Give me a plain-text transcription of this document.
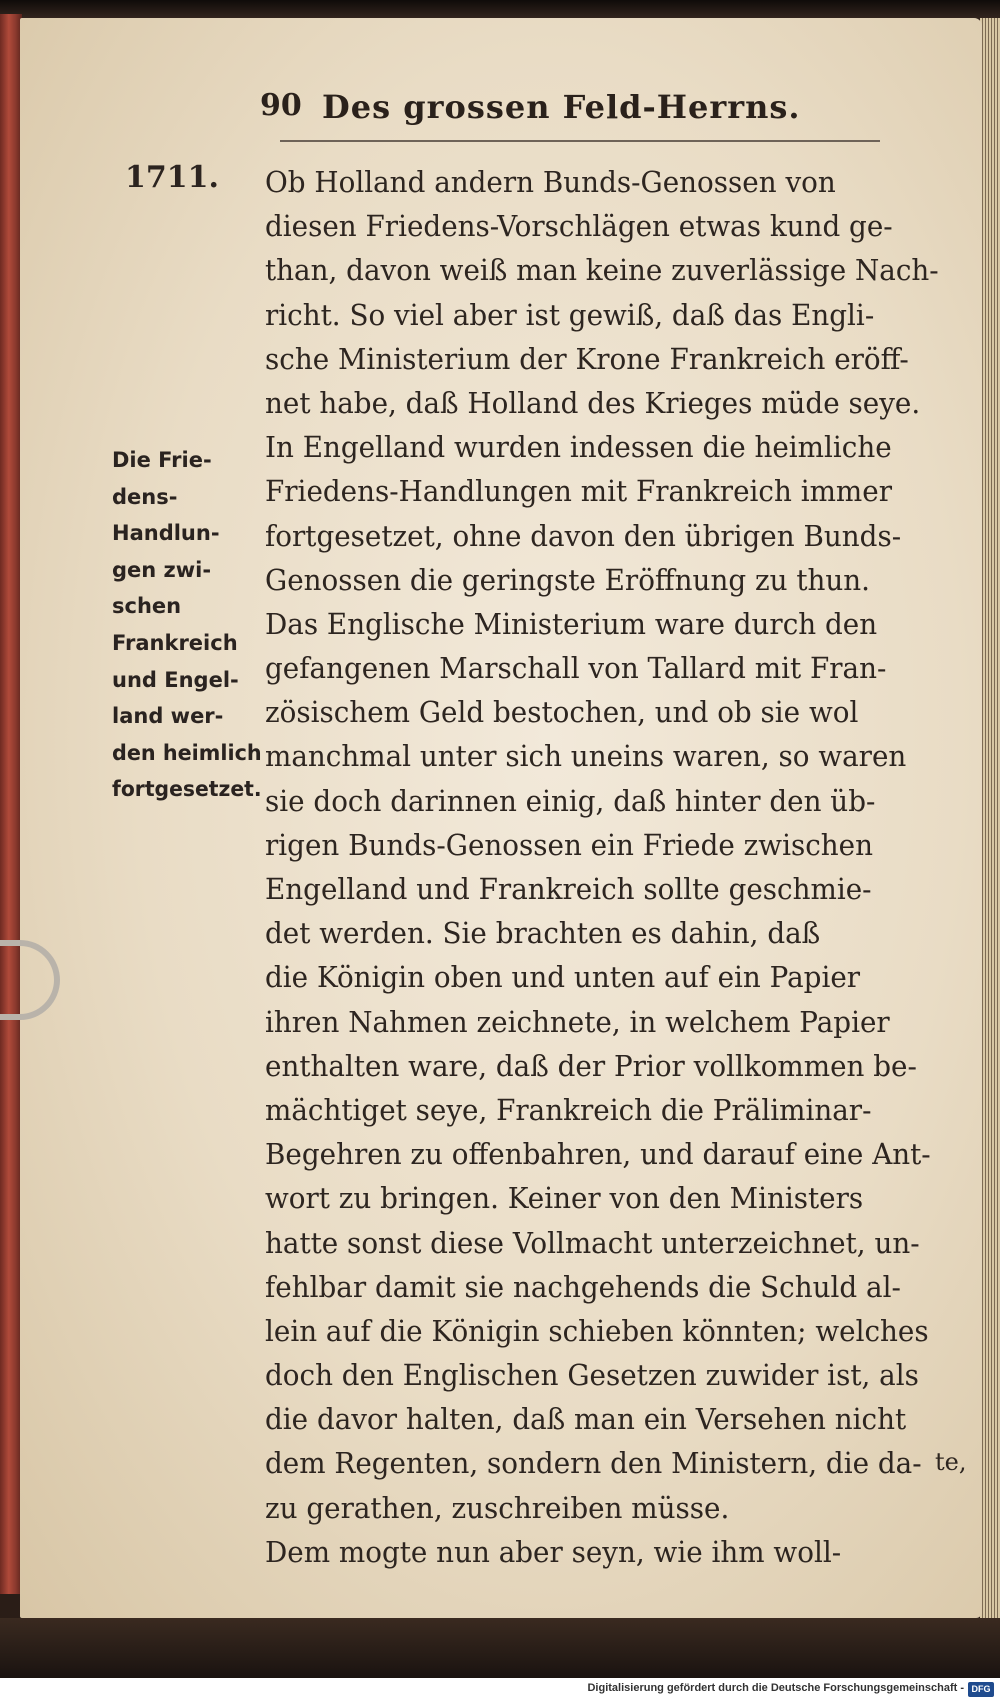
90 Des grossen Feld-Herrns.
1711.
Die Frie-
dens-
Handlun-
gen zwi-
schen
Frankreich
und Engel-
land wer-
den heimlich
fortgesetzet.
Ob Holland andern Bunds-Genossen von
diesen Friedens-Vorschlägen etwas kund ge-
than, davon weiß man keine zuverlässige Nach-
richt. So viel aber ist gewiß, daß das Engli-
sche Ministerium der Krone Frankreich eröff-
net habe, daß Holland des Krieges müde seye.
In Engelland wurden indessen die heimliche
Friedens-Handlungen mit Frankreich immer
fortgesetzet, ohne davon den übrigen Bunds-
Genossen die geringste Eröffnung zu thun.
Das Englische Ministerium ware durch den
gefangenen Marschall von Tallard mit Fran-
zösischem Geld bestochen, und ob sie wol
manchmal unter sich uneins waren, so waren
sie doch darinnen einig, daß hinter den üb-
rigen Bunds-Genossen ein Friede zwischen
Engelland und Frankreich sollte geschmie-
det werden. Sie brachten es dahin, daß
die Königin oben und unten auf ein Papier
ihren Nahmen zeichnete, in welchem Papier
enthalten ware, daß der Prior vollkommen be-
mächtiget seye, Frankreich die Präliminar-
Begehren zu offenbahren, und darauf eine Ant-
wort zu bringen. Keiner von den Ministers
hatte sonst diese Vollmacht unterzeichnet, un-
fehlbar damit sie nachgehends die Schuld al-
lein auf die Königin schieben könnten; welches
doch den Englischen Gesetzen zuwider ist, als
die davor halten, daß man ein Versehen nicht
dem Regenten, sondern den Ministern, die da-
zu gerathen, zuschreiben müsse.
Dem mogte nun aber seyn, wie ihm woll-
te,
Digitalisierung gefördert durch die Deutsche Forschungsgemeinschaft - DFG
